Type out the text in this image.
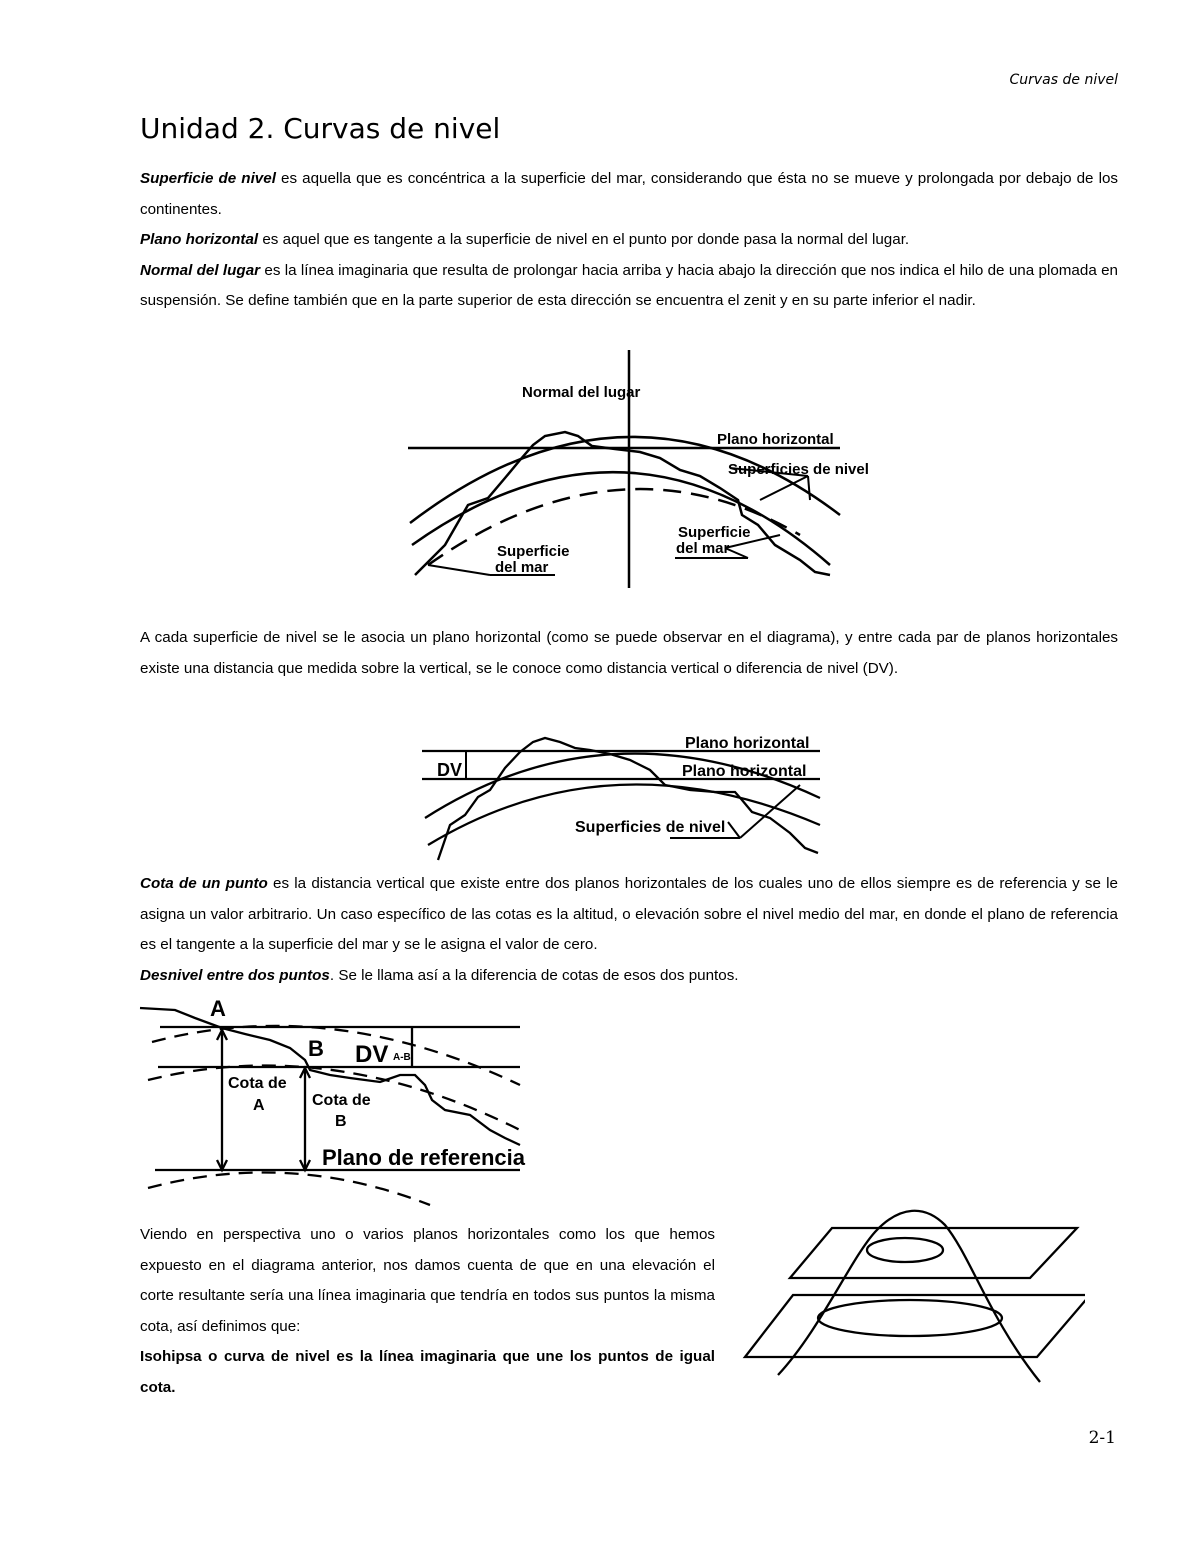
Curvas de nivel
Unidad 2. Curvas de nivel

Superficie de nivel es aquella que es concéntrica a la superficie del mar, considerando que ésta no se mueve y prolongada por debajo de los continentes.
Plano horizontal es aquel que es tangente a la superficie de nivel en el punto por donde pasa la normal del lugar.
Normal del lugar es la línea imaginaria que resulta de prolongar hacia arriba y hacia abajo la dirección que nos indica el hilo de una plomada en suspensión. Se define también que en la parte superior de esta dirección se encuentra el zenit y en su parte inferior el nadir.

Normal del lugar
Plano horizontal
Superficies de nivel
Superficie
del mar
Superficie
del mar

A cada superficie de nivel se le asocia un plano horizontal (como se puede observar en el diagrama), y entre cada par de planos horizontales existe una distancia que medida sobre la vertical, se le conoce como distancia vertical o diferencia de nivel (DV).

DV
Plano horizontal
Plano horizontal
Superficies de nivel

Cota de un punto es la distancia vertical que existe entre dos planos horizontales de los cuales uno de ellos siempre es de referencia y se le asigna un valor arbitrario. Un caso específico de las cotas es la altitud, o elevación sobre el nivel medio del mar, en donde el plano de referencia es el tangente a la superficie del mar y se le asigna el valor de cero.
Desnivel entre dos puntos. Se le llama así a la diferencia de cotas de esos dos puntos.

A
B DV A-B
Cota de
A	Cota de
B
Plano de referencia

Viendo en perspectiva uno o varios planos horizontales como los que hemos expuesto en el diagrama anterior, nos damos cuenta de que en una elevación el corte resultante sería una línea imaginaria que tendría en todos sus puntos la misma cota, así definimos que:
Isohipsa o curva de nivel es la línea imaginaria que une los puntos de igual cota.

2-1
